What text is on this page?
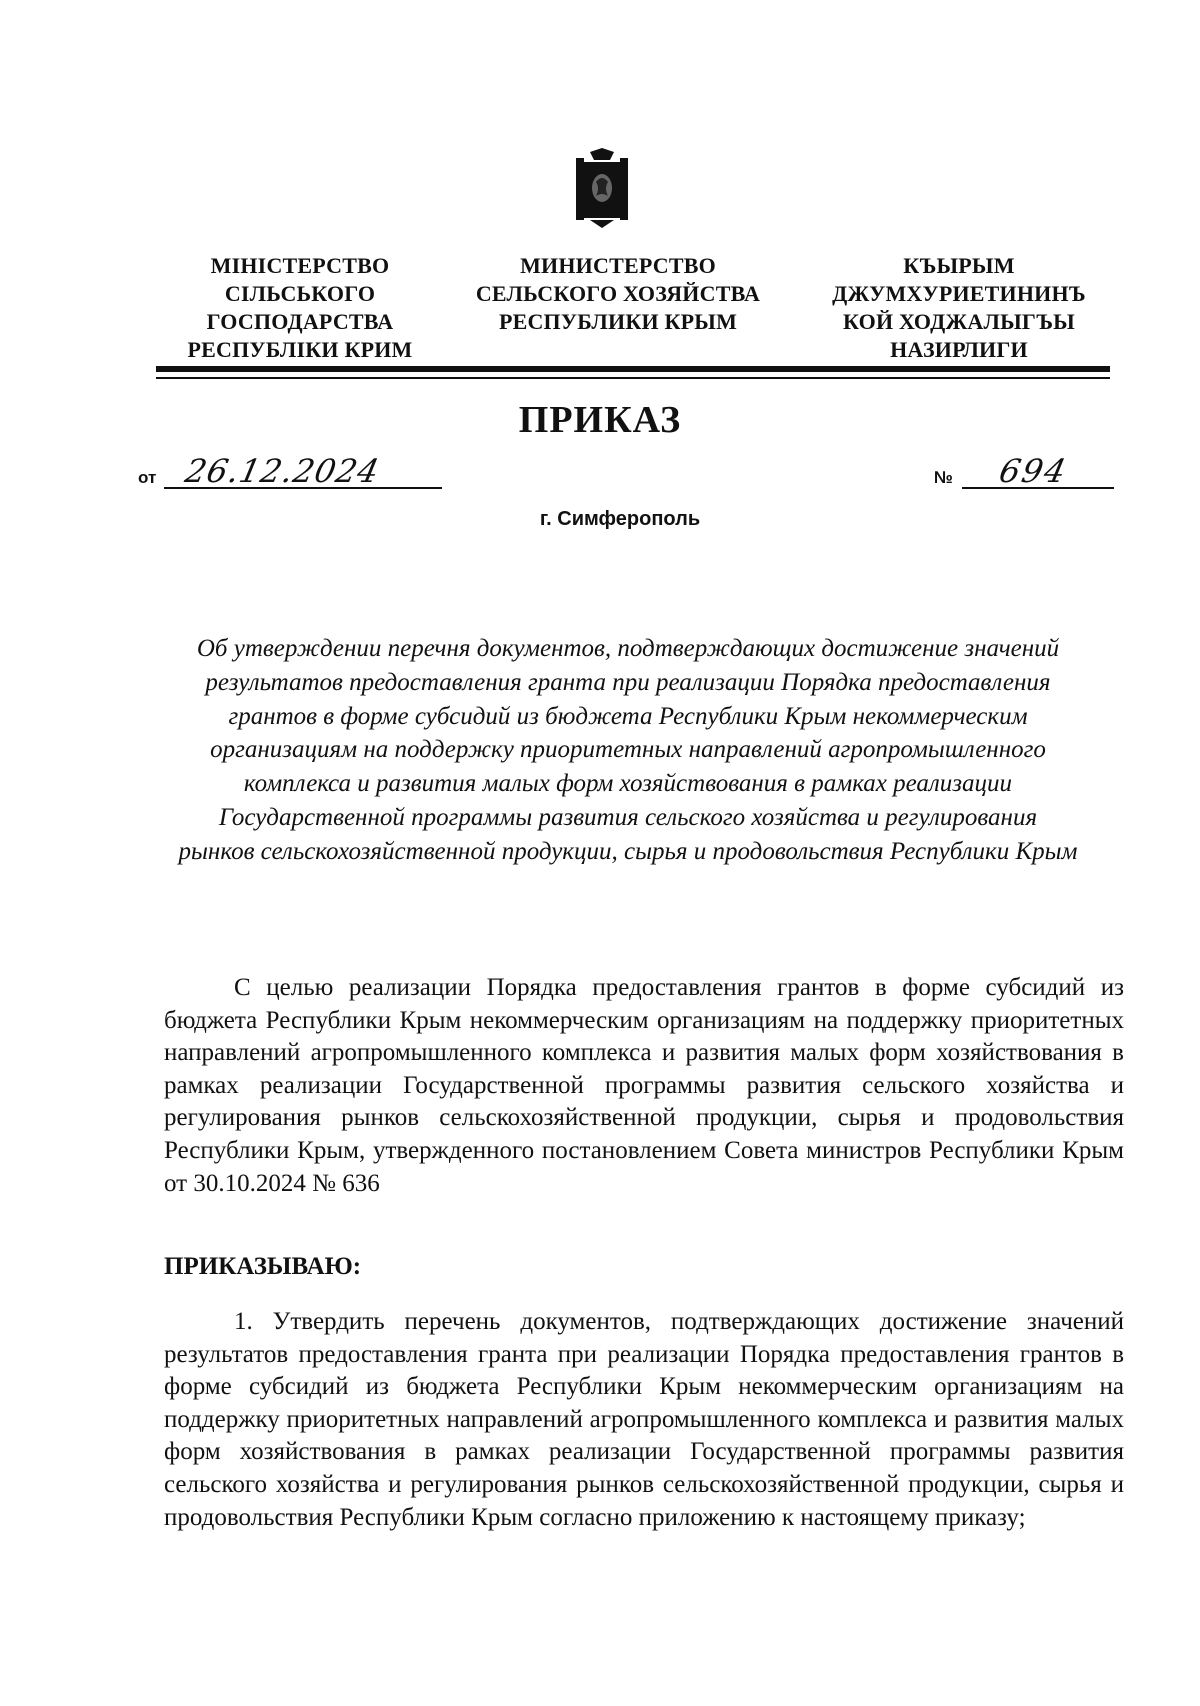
МІНІСТЕРСТВО
СІЛЬСЬКОГО
ГОСПОДАРСТВА
РЕСПУБЛІКИ КРИМ
МИНИСТЕРСТВО
СЕЛЬСКОГО ХОЗЯЙСТВА
РЕСПУБЛИКИ КРЫМ
КЪЫРЫМ
ДЖУМХУРИЕТИНИНЪ
КОЙ ХОДЖАЛЫГЪЫ
НАЗИРЛИГИ
ПРИКАЗ
от 26.12.2024	№ 694
г. Симферополь
Об утверждении перечня документов, подтверждающих достижение значений результатов предоставления гранта при реализации Порядка предоставления грантов в форме субсидий из бюджета Республики Крым некоммерческим организациям на поддержку приоритетных направлений агропромышленного комплекса и развития малых форм хозяйствования в рамках реализации Государственной программы развития сельского хозяйства и регулирования рынков сельскохозяйственной продукции, сырья и продовольствия Республики Крым
С целью реализации Порядка предоставления грантов в форме субсидий из бюджета Республики Крым некоммерческим организациям на поддержку приоритетных направлений агропромышленного комплекса и развития малых форм хозяйствования в рамках реализации Государственной программы развития сельского хозяйства и регулирования рынков сельскохозяйственной продукции, сырья и продовольствия Республики Крым, утвержденного постановлением Совета министров Республики Крым от 30.10.2024 № 636
ПРИКАЗЫВАЮ:
1. Утвердить перечень документов, подтверждающих достижение значений результатов предоставления гранта при реализации Порядка предоставления грантов в форме субсидий из бюджета Республики Крым некоммерческим организациям на поддержку приоритетных направлений агропромышленного комплекса и развития малых форм хозяйствования в рамках реализации Государственной программы развития сельского хозяйства и регулирования рынков сельскохозяйственной продукции, сырья и продовольствия Республики Крым согласно приложению к настоящему приказу;
